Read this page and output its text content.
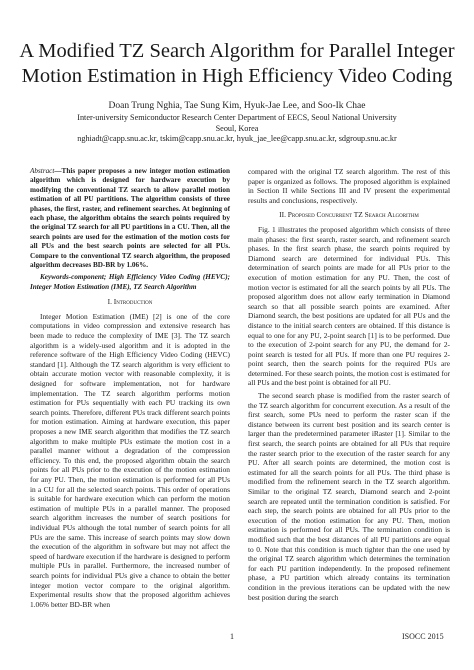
A Modified TZ Search Algorithm for Parallel Integer Motion Estimation in High Efficiency Video Coding
Doan Trung Nghia, Tae Sung Kim, Hyuk-Jae Lee, and Soo-Ik Chae
Inter-university Semiconductor Research Center Department of EECS, Seoul National University
Seoul, Korea
nghiadt@capp.snu.ac.kr, tskim@capp.snu.ac.kr, hyuk_jae_lee@capp.snu.ac.kr, sdgroup.snu.ac.kr

Abstract—This paper proposes a new integer motion estimation algorithm which is designed for hardware execution by modifying the conventional TZ search to allow parallel motion estimation of all PU partitions. The algorithm consists of three phases, the first, raster, and refinement searches. At beginning of each phase, the algorithm obtains the search points required by the original TZ search for all PU partitions in a CU. Then, all the search points are used for the estimation of the motion costs for all PUs and the best search points are selected for all PUs. Compare to the conventional TZ search algorithm, the proposed algorithm decreases BD-BR by 1.06%.

Keywords-component; High Efficiency Video Coding (HEVC); Integer Motion Estimation (IME), TZ Search Algorithm

I. Introduction

Integer Motion Estimation (IME) [2] is one of the core computations in video compression and extensive research has been made to reduce the complexity of IME [3]. The TZ search algorithm is a widely-used algorithm and it is adopted in the reference software of the High Efficiency Video Coding (HEVC) standard [1]. Although the TZ search algorithm is very efficient to obtain accurate motion vector with reasonable complexity, it is designed for software implementation, not for hardware implementation. The TZ search algorithm performs motion estimation for PUs sequentially with each PU tracking its own search points. Therefore, different PUs track different search points for motion estimation. Aiming at hardware execution, this paper proposes a new IME search algorithm that modifies the TZ search algorithm to make multiple PUs estimate the motion cost in a parallel manner without a degradation of the compression efficiency. To this end, the proposed algorithm obtain the search points for all PUs prior to the execution of the motion estimation for any PU. Then, the motion estimation is performed for all PUs in a CU for all the selected search points. This order of operations is suitable for hardware execution which can perform the motion estimation of multiple PUs in a parallel manner. The proposed search algorithm increases the number of search positions for individual PUs although the total number of search points for all PUs are the same. This increase of search points may slow down the execution of the algorithm in software but may not affect the speed of hardware execution if the hardware is designed to perform multiple PUs in parallel. Furthermore, the increased number of search points for individual PUs give a chance to obtain the better integer motion vector compare to the original algorithm. Experimental results show that the proposed algorithm achieves 1.06% better BD-BR when

compared with the original TZ search algorithm. The rest of this paper is organized as follows. The proposed algorithm is explained in Section II while Sections III and IV present the experimental results and conclusions, respectively.

II. Proposed Concurrent TZ Search Algorithm

Fig. 1 illustrates the proposed algorithm which consists of three main phases: the first search, raster search, and refinement search phases. In the first search phase, the search points required by Diamond search are determined for individual PUs. This determination of search points are made for all PUs prior to the execution of motion estimation for any PU. Then, the cost of motion vector is estimated for all the search points by all PUs. The proposed algorithm does not allow early termination in Diamond search so that all possible search points are examined. After Diamond search, the best positions are updated for all PUs and the distance to the initial search centers are obtained. If this distance is equal to one for any PU, 2-point search [1] is to be performed. Due to the execution of 2-point search for any PU, the demand for 2-point search is tested for all PUs. If more than one PU requires 2-point search, then the search points for the required PUs are determined. For these search points, the motion cost is estimated for all PUs and the best point is obtained for all PU.

The second search phase is modified from the raster search of the TZ search algorithm for concurrent execution. As a result of the first search, some PUs need to perform the raster scan if the distance between its current best position and its search center is larger than the predetermined parameter iRaster [1]. Similar to the first search, the search points are obtained for all PUs that require the raster search prior to the execution of the raster search for any PU. After all search points are determined, the motion cost is estimated for all the search points for all PUs. The third phase is modified from the refinement search in the TZ search algorithm. Similar to the original TZ search, Diamond search and 2-point search are repeated until the termination condition is satisfied. For each step, the search points are obtained for all PUs prior to the execution of the motion estimation for any PU. Then, motion estimation is performed for all PUs. The termination condition is modified such that the best distances of all PU partitions are equal to 0. Note that this condition is much tighter than the one used by the original TZ search algorithm which determines the termination for each PU partition independently. In the proposed refinement phase, a PU partition which already contains its termination condition in the previous iterations can be updated with the new best position during the search

1	ISOCC 2015
